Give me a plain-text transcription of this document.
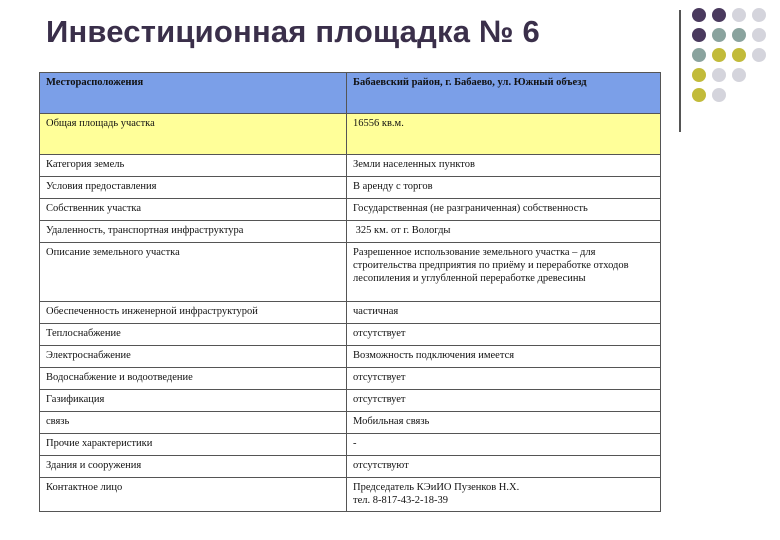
Инвестиционная площадка № 6
Месторасположения	Бабаевский район, г. Бабаево, ул. Южный объезд
Общая площадь участка	16556 кв.м.
Категория земель	Земли населенных пунктов
Условия предоставления	В аренду с торгов
Собственник участка	Государственная (не разграниченная) собственность
Удаленность, транспортная инфраструктура	325 км. от г. Вологды
Описание земельного участка	Разрешенное использование земельного участка – для строительства предприятия по приёму и переработке отходов лесопиления и углубленной переработке древесины
Обеспеченность инженерной инфраструктурой	частичная
Теплоснабжение	отсутствует
Электроснабжение	Возможность подключения имеется
Водоснабжение и водоотведение	отсутствует
Газификация	отсутствует
связь	Мобильная связь
Прочие характеристики	-
Здания и сооружения	отсутствуют
Контактное лицо	Председатель КЭиИО Пузенков Н.Х.
тел. 8-817-43-2-18-39
